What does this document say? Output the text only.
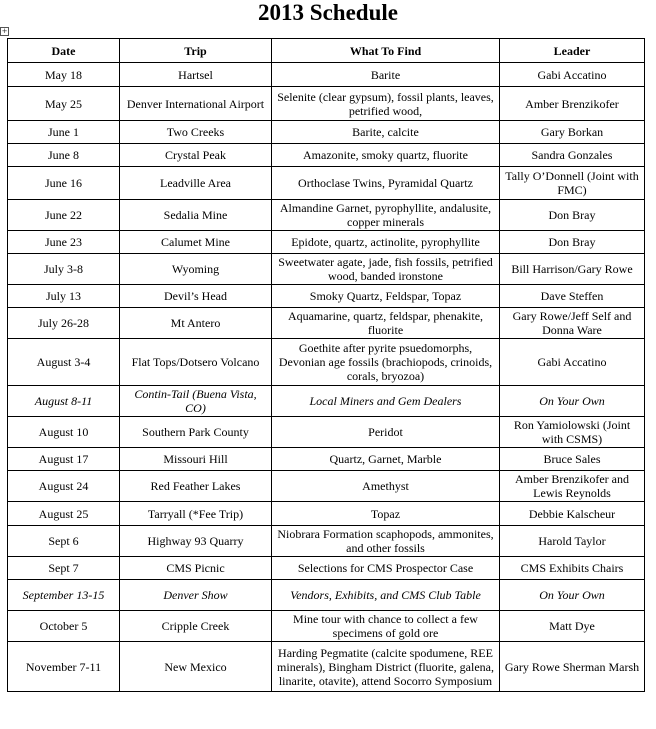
2013 Schedule
+
Date	Trip	What To Find	Leader
May 18	Hartsel	Barite	Gabi Accatino
May 25	Denver International Airport	Selenite (clear gypsum), fossil plants, leaves, petrified wood,	Amber Brenzikofer
June 1	Two Creeks	Barite, calcite	Gary Borkan
June 8	Crystal Peak	Amazonite, smoky quartz, fluorite	Sandra Gonzales
June 16	Leadville Area	Orthoclase Twins, Pyramidal Quartz	Tally O’Donnell (Joint with FMC)
June 22	Sedalia Mine	Almandine Garnet, pyrophyllite, andalusite, copper minerals	Don Bray
June 23	Calumet Mine	Epidote, quartz, actinolite, pyrophyllite	Don Bray
July 3-8	Wyoming	Sweetwater agate, jade, fish fossils, petrified wood, banded ironstone	Bill Harrison/Gary Rowe
July 13	Devil’s Head	Smoky Quartz, Feldspar, Topaz	Dave Steffen
July 26-28	Mt Antero	Aquamarine, quartz, feldspar, phenakite, fluorite	Gary Rowe/Jeff Self and Donna Ware
August 3-4	Flat Tops/Dotsero Volcano	Goethite after pyrite psuedomorphs, Devonian age fossils (brachiopods, crinoids, corals, bryozoa)	Gabi Accatino
August 8-11	Contin-Tail (Buena Vista, CO)	Local Miners and Gem Dealers	On Your Own
August 10	Southern Park County	Peridot	Ron Yamiolowski (Joint with CSMS)
August 17	Missouri Hill	Quartz, Garnet, Marble	Bruce Sales
August 24	Red Feather Lakes	Amethyst	Amber Brenzikofer and Lewis Reynolds
August 25	Tarryall (*Fee Trip)	Topaz	Debbie Kalscheur
Sept 6	Highway 93 Quarry	Niobrara Formation scaphopods, ammonites, and other fossils	Harold Taylor
Sept 7	CMS Picnic	Selections for CMS Prospector Case	CMS Exhibits Chairs
September 13-15	Denver Show	Vendors, Exhibits, and CMS Club Table	On Your Own
October 5	Cripple Creek	Mine tour with chance to collect a few specimens of gold ore	Matt Dye
November 7-11	New Mexico	Harding Pegmatite (calcite spodumene, REE minerals), Bingham District (fluorite, galena, linarite, otavite), attend Socorro Symposium	Gary Rowe Sherman Marsh
